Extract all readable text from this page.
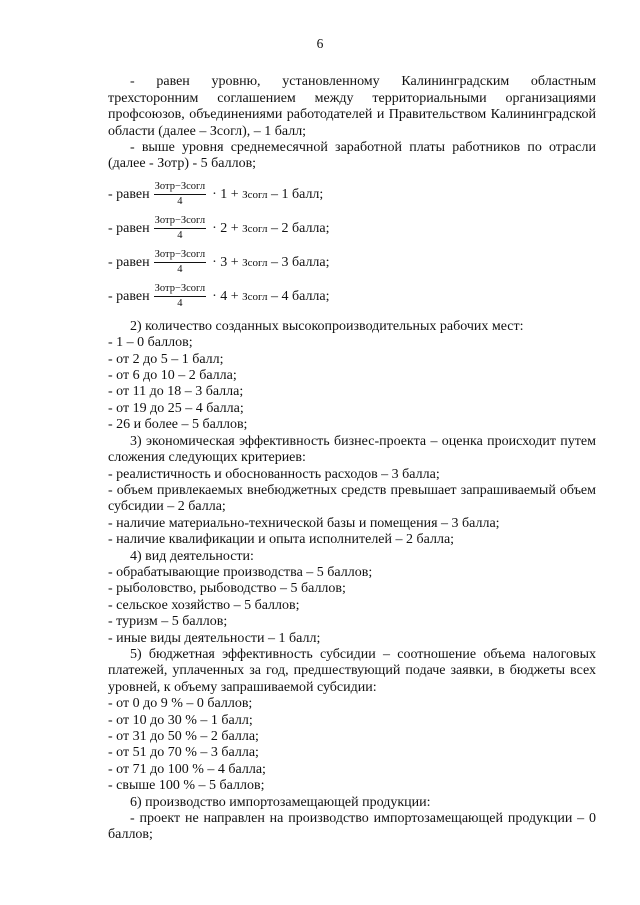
6

- равен уровню, установленному Калининградским областным трехсторонним соглашением между территориальными организациями профсоюзов, объединениями работодателей и Правительством Калининградской области (далее – Зсогл), – 1 балл;

- выше уровня среднемесячной заработной платы работников по отрасли (далее - Зотр) - 5 баллов;

- равен $\frac{\text{Зотр−Зсогл}}{4} \cdot 1$ +
Зсогл
– 1 балл;
- равен $\frac{\text{Зотр−Зсогл}}{4} \cdot 2$ +
Зсогл
– 2 балла;
- равен $\frac{\text{Зотр−Зсогл}}{4} \cdot 3$ +
Зсогл
– 3 балла;
- равен $\frac{\text{Зотр−Зсогл}}{4} \cdot 4$ +
Зсогл
– 4 балла;

2) количество созданных высокопроизводительных рабочих мест:

- 1 – 0 баллов;

- от 2 до 5 – 1 балл;

- от 6 до 10 – 2 балла;

- от 11 до 18 – 3 балла;

- от 19 до 25 – 4 балла;

- 26 и более – 5 баллов;

3) экономическая эффективность бизнес-проекта – оценка происходит путем сложения следующих критериев:

- реалистичность и обоснованность расходов – 3 балла;

- объем привлекаемых внебюджетных средств превышает запрашиваемый объем субсидии – 2 балла;

- наличие материально-технической базы и помещения – 3 балла;

- наличие квалификации и опыта исполнителей – 2 балла;

4) вид деятельности:

- обрабатывающие производства – 5 баллов;

- рыболовство, рыбоводство – 5 баллов;

- сельское хозяйство – 5 баллов;

- туризм – 5 баллов;

- иные виды деятельности – 1 балл;

5) бюджетная эффективность субсидии – соотношение объема налоговых платежей, уплаченных за год, предшествующий подаче заявки, в бюджеты всех уровней, к объему запрашиваемой субсидии:

- от 0 до 9 % – 0 баллов;

- от 10 до 30 % – 1 балл;

- от 31 до 50 % – 2 балла;

- от 51 до 70 % – 3 балла;

- от 71 до 100 % – 4 балла;

- свыше 100 % – 5 баллов;

6) производство импортозамещающей продукции:

- проект не направлен на производство импортозамещающей продукции – 0 баллов;
